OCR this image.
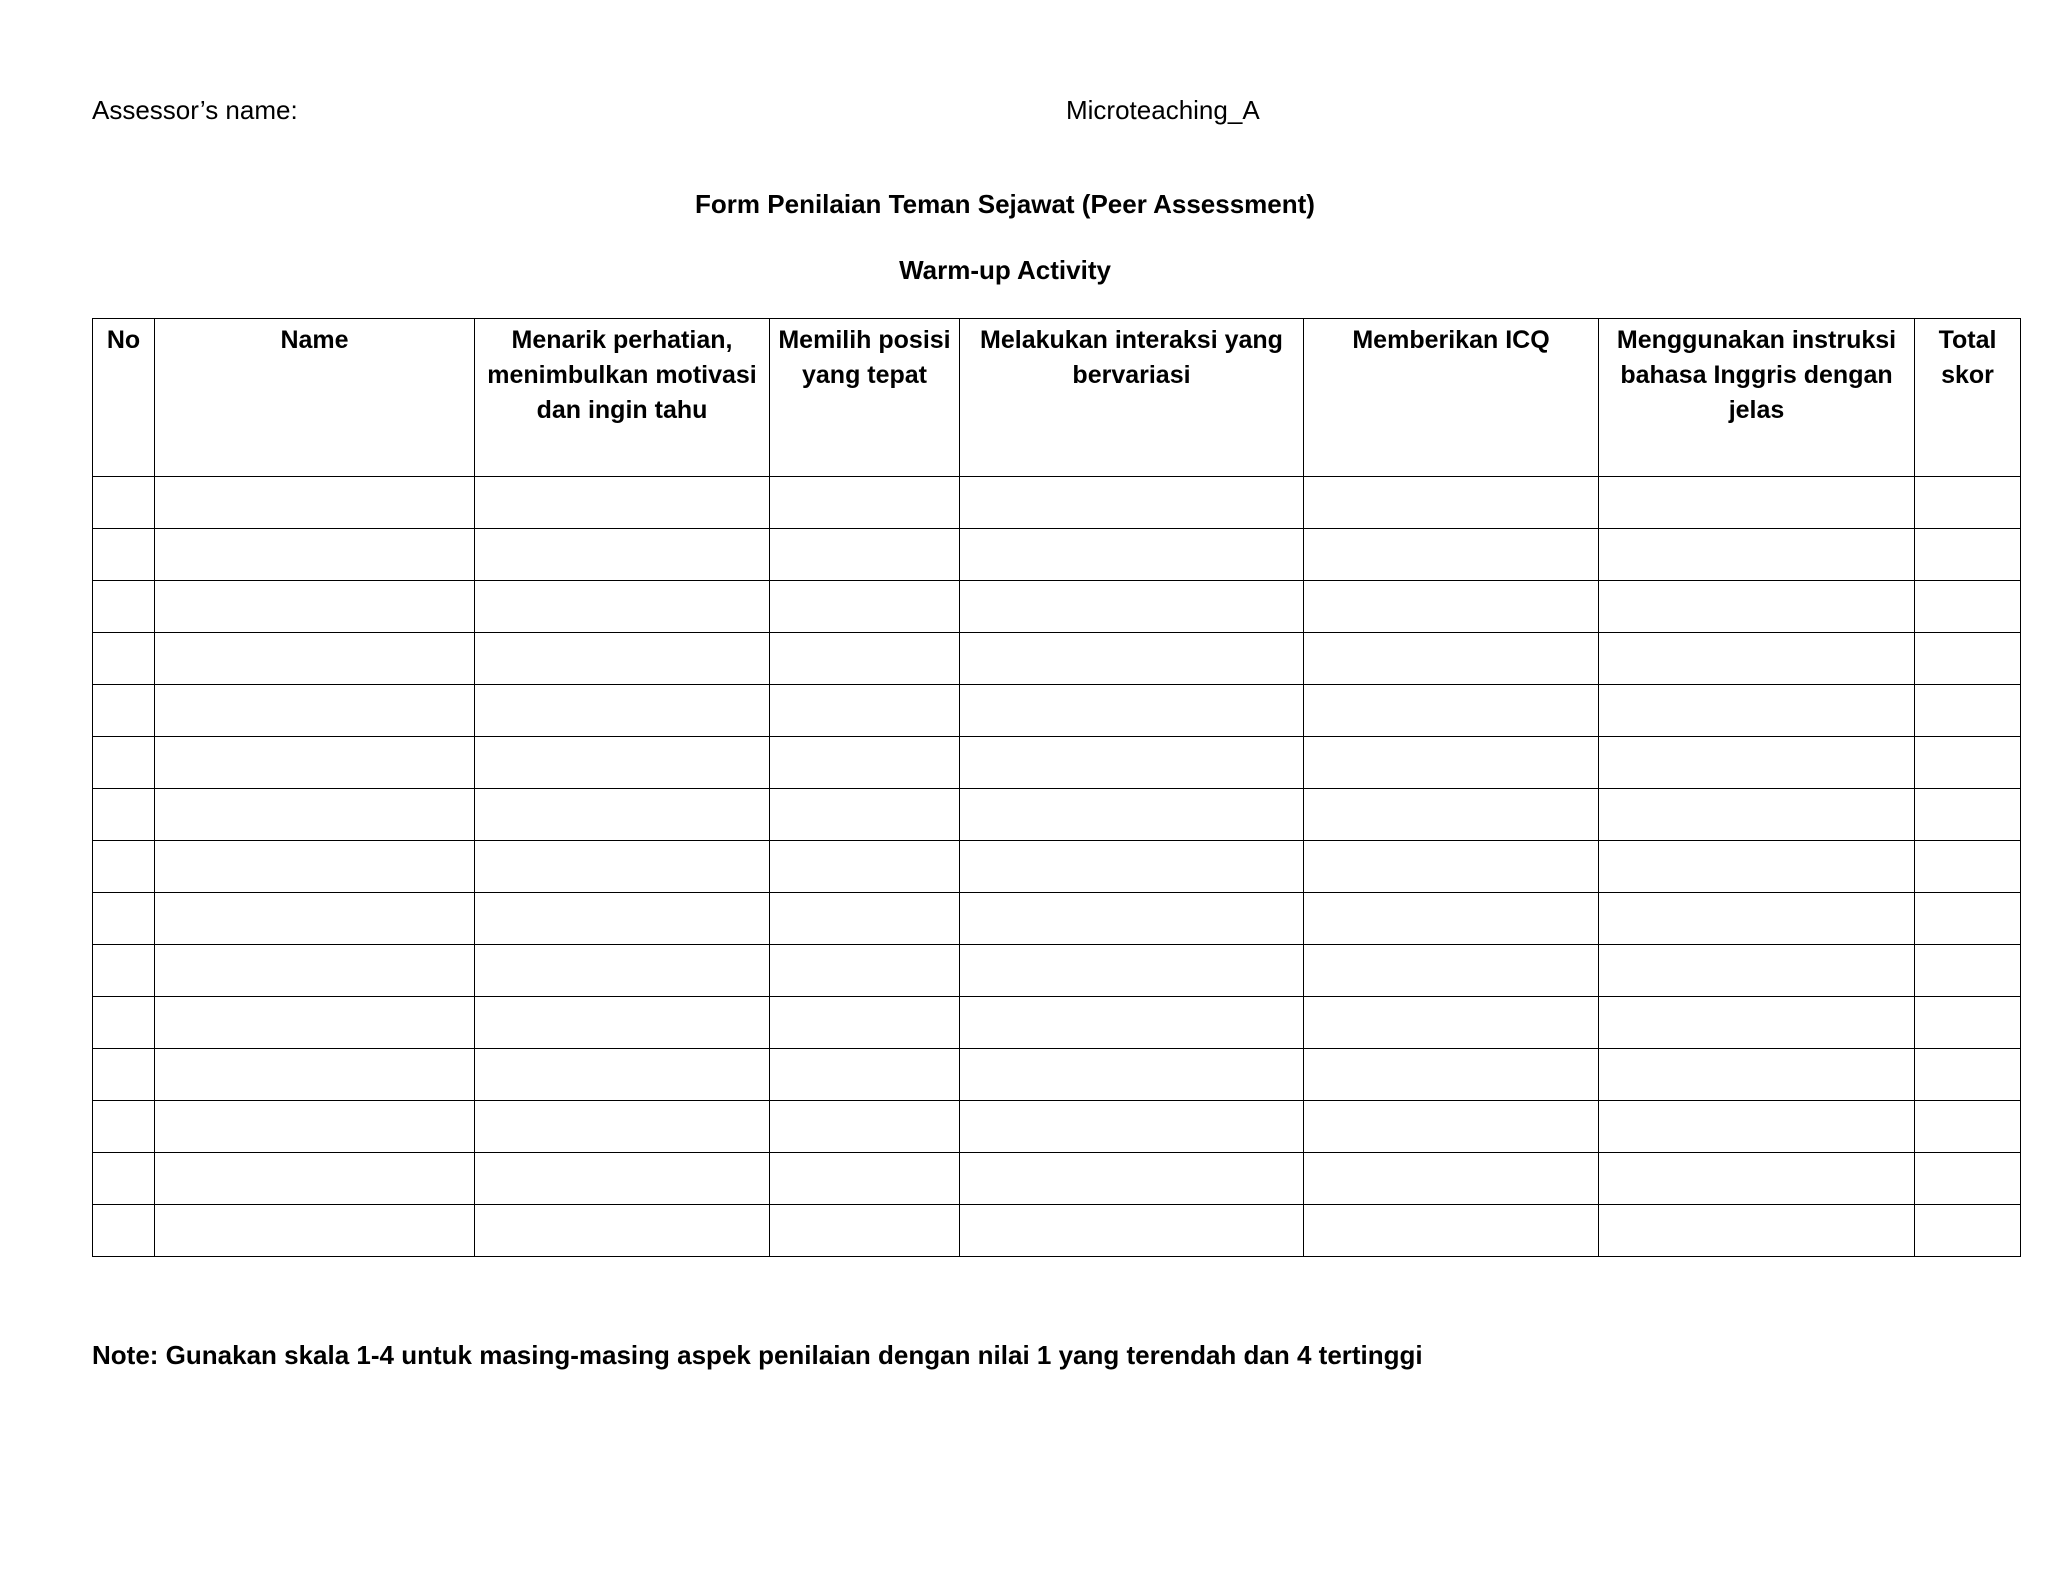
Assessor’s name:	Microteaching_A
Form Penilaian Teman Sejawat (Peer Assessment)
Warm-up Activity
No	Name	Menarik perhatian, menimbulkan motivasi dan ingin tahu	Memilih posisi yang tepat	Melakukan interaksi yang bervariasi	Memberikan ICQ	Menggunakan instruksi bahasa Inggris dengan jelas	Total skor

Note: Gunakan skala 1-4 untuk masing-masing aspek penilaian dengan nilai 1 yang terendah dan 4 tertinggi
